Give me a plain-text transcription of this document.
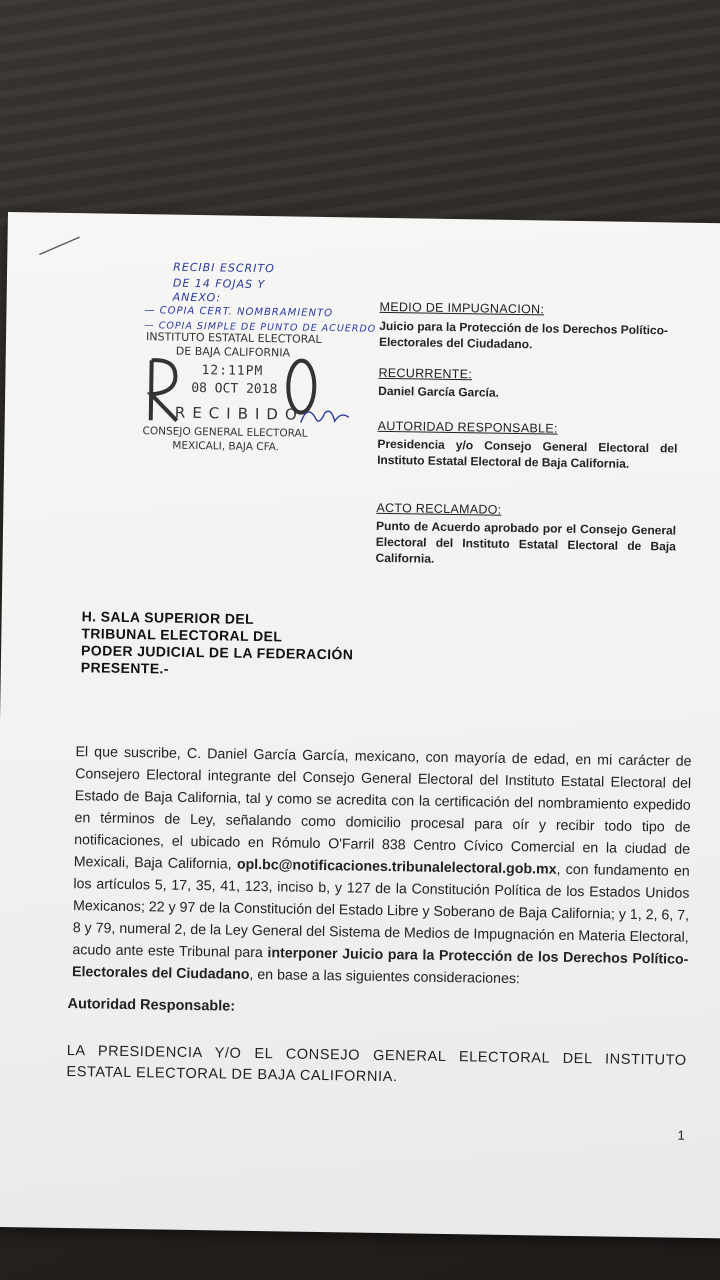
RECIBI ESCRITO
DE 14 FOJAS Y
ANEXO:
— COPIA CERT. NOMBRAMIENTO
— COPIA SIMPLE DE PUNTO DE ACUERDO
INSTITUTO ESTATAL ELECTORAL
DE BAJA CALIFORNIA
12:11PM
08 OCT 2018
RECIBIDO
CONSEJO GENERAL ELECTORAL
MEXICALI, BAJA CFA.
MEDIO DE IMPUGNACION:
Juicio para la Protección de los Derechos Político-Electorales del Ciudadano.
RECURRENTE:
Daniel García García.
AUTORIDAD RESPONSABLE:
Presidencia y/o Consejo General Electoral del Instituto Estatal Electoral de Baja California.
ACTO RECLAMADO:
Punto de Acuerdo aprobado por el Consejo General Electoral del Instituto Estatal Electoral de Baja California.
H. SALA SUPERIOR DEL
TRIBUNAL ELECTORAL DEL
PODER JUDICIAL DE LA FEDERACIÓN
PRESENTE.-
El que suscribe, C. Daniel García García, mexicano, con mayoría de edad, en mi carácter de Consejero Electoral integrante del Consejo General Electoral del Instituto Estatal Electoral del Estado de Baja California, tal y como se acredita con la certificación del nombramiento expedido en términos de Ley, señalando como domicilio procesal para oír y recibir todo tipo de notificaciones, el ubicado en Rómulo O'Farril 838 Centro Cívico Comercial en la ciudad de Mexicali, Baja California, opl.bc@notificaciones.tribunalelectoral.gob.mx, con fundamento en los artículos 5, 17, 35, 41, 123, inciso b, y 127 de la Constitución Política de los Estados Unidos Mexicanos; 22 y 97 de la Constitución del Estado Libre y Soberano de Baja California; y 1, 2, 6, 7, 8 y 79, numeral 2, de la Ley General del Sistema de Medios de Impugnación en Materia Electoral, acudo ante este Tribunal para interponer Juicio para la Protección de los Derechos Político-Electorales del Ciudadano, en base a las siguientes consideraciones:
Autoridad Responsable:
LA PRESIDENCIA Y/O EL CONSEJO GENERAL ELECTORAL DEL INSTITUTO ESTATAL ELECTORAL DE BAJA CALIFORNIA.
1
